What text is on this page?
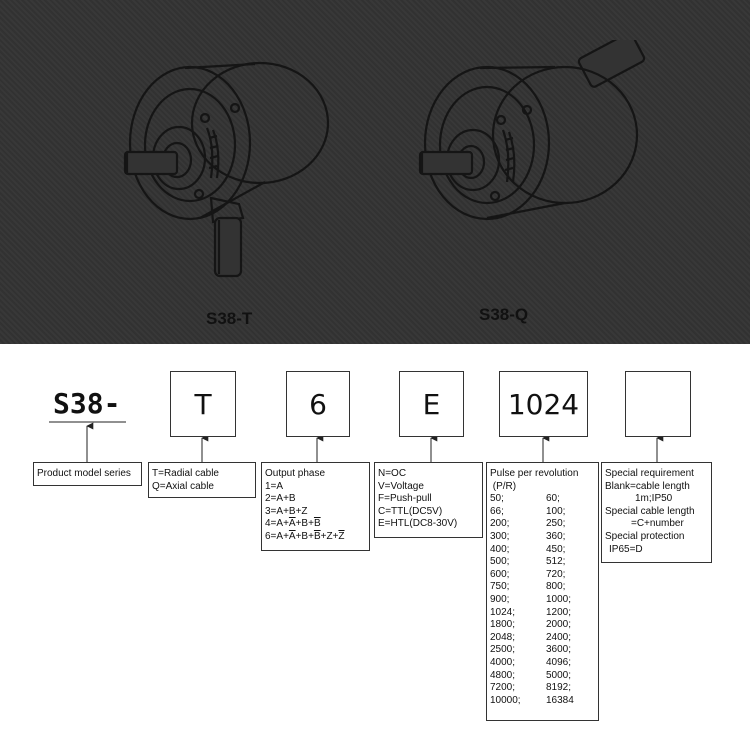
S38-T	S38-Q
S38-	T	6	E	1024
Product model series	T=Radial cable
Q=Axial cable
Output phase
1=A
2=A+B
3=A+B+Z
$4=A+\overline{A}+B+\overline{B}$
$6=A+\overline{A}+B+\overline{B}+Z+\overline{Z}$
N=OC
V=Voltage
F=Push-pull
C=TTL(DC5V)
E=HTL(DC8-30V)
Pulse per revolution
(P/R)
50;	60;
66;	100;
200;	250;
300;	360;
400;	450;
500;	512;
600;	720;
750;	800;
900;	1000;
1024;	1200;
1800;	2000;
2048;	2400;
2500;	3600;
4000;	4096;
4800;	5000;
7200;	8192;
10000;	16384
Special requirement
Blank=cable length
1m;IP50
Special cable length
=C+number
Special protection
IP65=D
